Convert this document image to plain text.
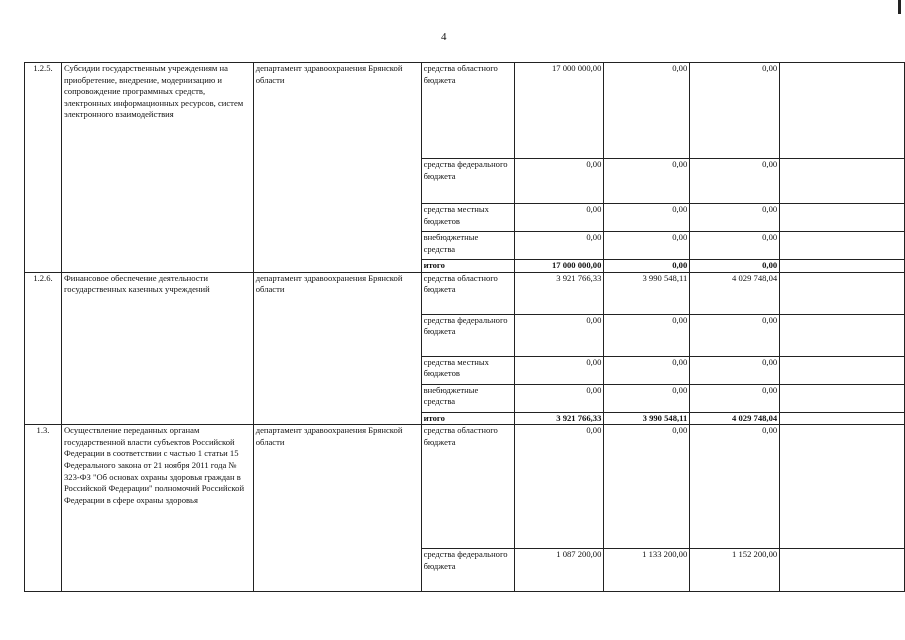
4
1.2.5.	Субсидии государственным учреждениям на приобретение, внедрение, модернизацию и сопровождение программных средств, электронных информационных ресурсов, систем электронного взаимодействия	департамент здравоохранения Брянской области	средства областного бюджета	17 000 000,00	0,00	0,00	
			средства федерального бюджета	0,00	0,00	0,00	
			средства местных бюджетов	0,00	0,00	0,00	
			внебюджетные средства	0,00	0,00	0,00	
			итого	17 000 000,00	0,00	0,00	
1.2.6.	Финансовое обеспечение деятельности государственных казенных учреждений	департамент здравоохранения Брянской области	средства областного бюджета	3 921 766,33	3 990 548,11	4 029 748,04	
			средства федерального бюджета	0,00	0,00	0,00	
			средства местных бюджетов	0,00	0,00	0,00	
			внебюджетные средства	0,00	0,00	0,00	
			итого	3 921 766,33	3 990 548,11	4 029 748,04	
1.3.	Осуществление переданных органам государственной власти субъектов Российской Федерации в соответствии с частью 1 статьи 15 Федерального закона от 21 ноября 2011 года № 323-ФЗ "Об основах охраны здоровья граждан в Российской Федерации" полномочий Российской Федерации в сфере охраны здоровья	департамент здравоохранения Брянской области	средства областного бюджета	0,00	0,00	0,00	
			средства федерального бюджета	1 087 200,00	1 133 200,00	1 152 200,00	
